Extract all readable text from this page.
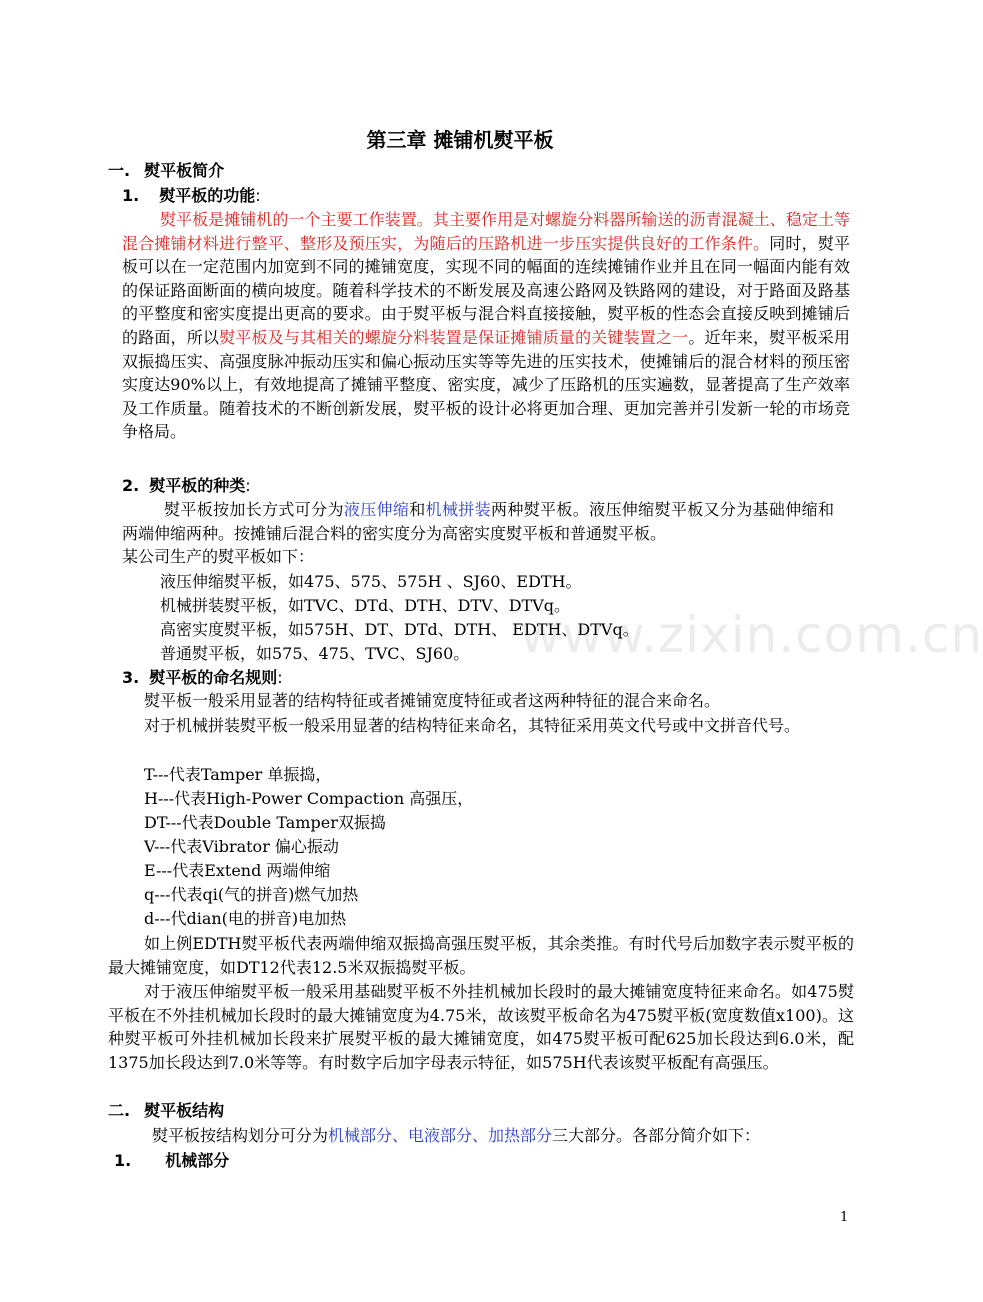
www.zixin.com.cn
第三章 摊铺机熨平板
一. 熨平板简介
1. 熨平板的功能:
熨平板是摊铺机的一个主要工作装置。其主要作用是对螺旋分料器所输送的沥青混凝土、稳定土等混合摊铺材料进行整平、整形及预压实，为随后的压路机进一步压实提供良好的工作条件。同时，熨平板可以在一定范围内加宽到不同的摊铺宽度，实现不同的幅面的连续摊铺作业并且在同一幅面内能有效的保证路面断面的横向坡度。随着科学技术的不断发展及高速公路网及铁路网的建设，对于路面及路基的平整度和密实度提出更高的要求。由于熨平板与混合料直接接触，熨平板的性态会直接反映到摊铺后的路面，所以熨平板及与其相关的螺旋分料装置是保证摊铺质量的关键装置之一。近年来，熨平板采用双振捣压实、高强度脉冲振动压实和偏心振动压实等等先进的压实技术，使摊铺后的混合材料的预压密实度达90%以上，有效地提高了摊铺平整度、密实度，减少了压路机的压实遍数，显著提高了生产效率及工作质量。随着技术的不断创新发展，熨平板的设计必将更加合理、更加完善并引发新一轮的市场竞争格局。
2. 熨平板的种类:
熨平板按加长方式可分为液压伸缩和机械拼装两种熨平板。液压伸缩熨平板又分为基础伸缩和两端伸缩两种。按摊铺后混合料的密实度分为高密实度熨平板和普通熨平板。
某公司生产的熨平板如下：
液压伸缩熨平板，如475、575、575H 、SJ60、EDTH。
机械拼装熨平板，如TVC、DTd、DTH、DTV、DTVq。
高密实度熨平板，如575H、DT、DTd、DTH、 EDTH、DTVq。
普通熨平板，如575、475、TVC、SJ60。
3. 熨平板的命名规则:
熨平板一般采用显著的结构特征或者摊铺宽度特征或者这两种特征的混合来命名。
对于机械拼装熨平板一般采用显著的结构特征来命名，其特征采用英文代号或中文拼音代号。
T---代表Tamper 单振捣，
H---代表High-Power Compaction 高强压，
DT---代表Double Tamper双振捣
V---代表Vibrator 偏心振动
E---代表Extend 两端伸缩
q---代表qi(气的拼音)燃气加热
d---代dian(电的拼音)电加热
如上例EDTH熨平板代表两端伸缩双振捣高强压熨平板，其余类推。有时代号后加数字表示熨平板的最大摊铺宽度，如DT12代表12.5米双振捣熨平板。
对于液压伸缩熨平板一般采用基础熨平板不外挂机械加长段时的最大摊铺宽度特征来命名。如475熨平板在不外挂机械加长段时的最大摊铺宽度为4.75米，故该熨平板命名为475熨平板(宽度数值x100)。这种熨平板可外挂机械加长段来扩展熨平板的最大摊铺宽度，如475熨平板可配625加长段达到6.0米，配1375加长段达到7.0米等等。有时数字后加字母表示特征，如575H代表该熨平板配有高强压。
二. 熨平板结构
熨平板按结构划分可分为机械部分、电液部分、加热部分三大部分。各部分简介如下：
1. 机械部分
1
